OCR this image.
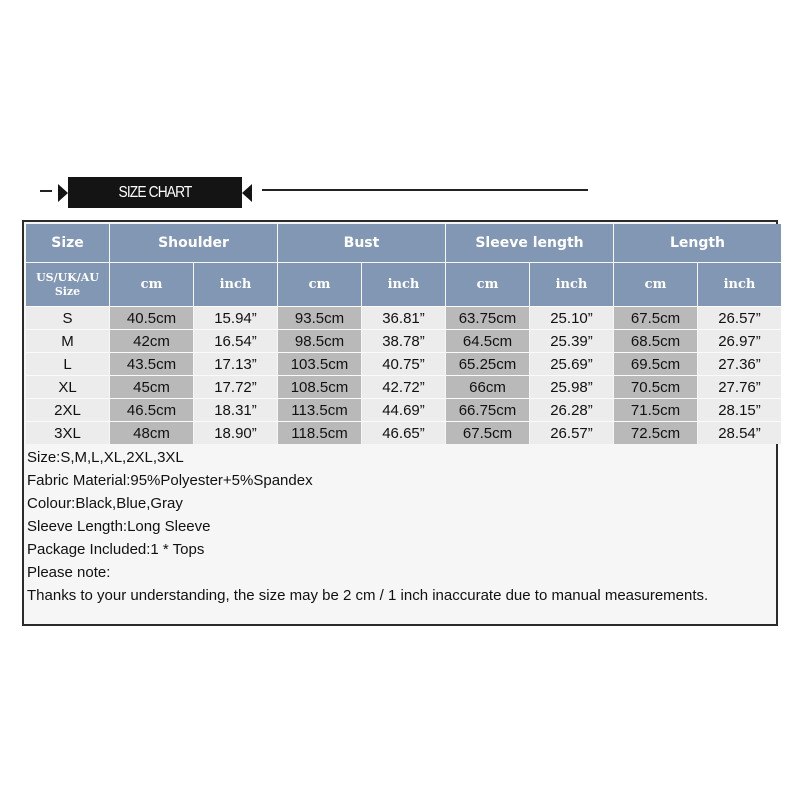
SIZE CHART
Size	Shoulder	Bust	Sleeve length	Length
US/UK/AU
Size	cm	inch	cm	inch	cm	inch	cm	inch
S	40.5cm	15.94”	93.5cm	36.81”	63.75cm	25.10”	67.5cm	26.57”
M	42cm	16.54”	98.5cm	38.78”	64.5cm	25.39”	68.5cm	26.97”
L	43.5cm	17.13”	103.5cm	40.75”	65.25cm	25.69”	69.5cm	27.36”
XL	45cm	17.72”	108.5cm	42.72”	66cm	25.98”	70.5cm	27.76”
2XL	46.5cm	18.31”	113.5cm	44.69”	66.75cm	26.28”	71.5cm	28.15”
3XL	48cm	18.90”	118.5cm	46.65”	67.5cm	26.57”	72.5cm	28.54”
Size:S,M,L,XL,2XL,3XL
Fabric Material:95%Polyester+5%Spandex
Colour:Black,Blue,Gray
Sleeve Length:Long Sleeve
Package Included:1 * Tops
Please note:
Thanks to your understanding, the size may be 2 cm / 1 inch inaccurate due to manual measurements.
